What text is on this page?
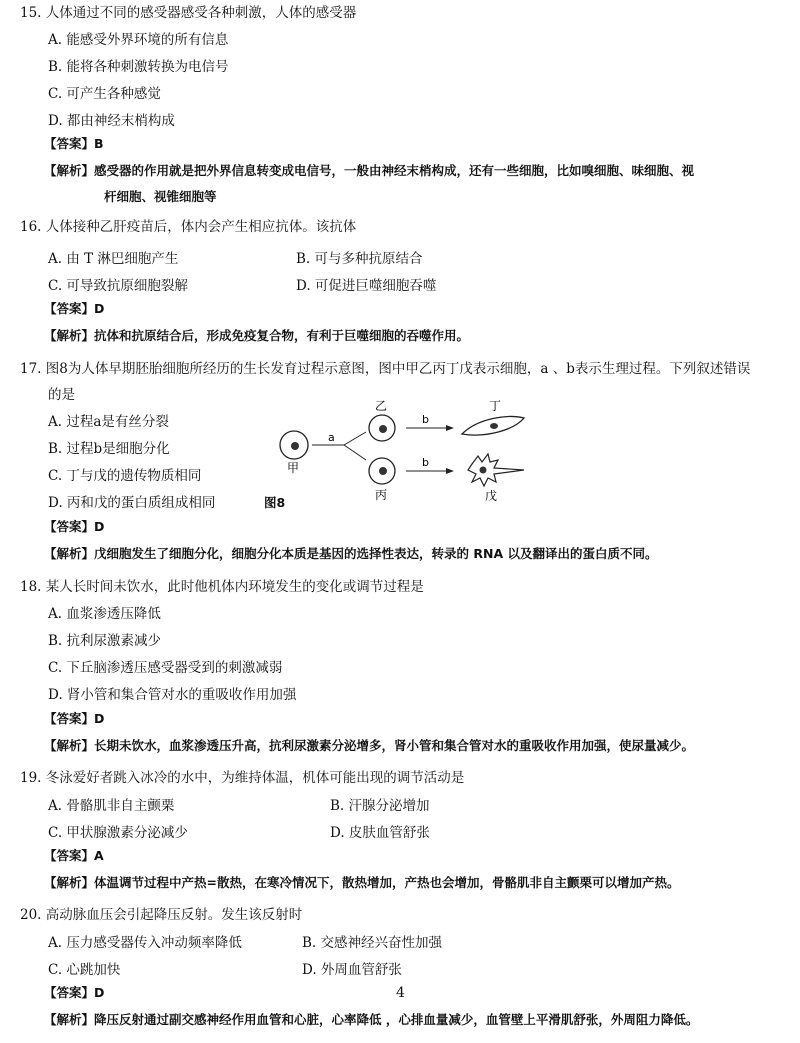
15. 人体通过不同的感受器感受各种刺激，人体的感受器
A. 能感受外界环境的所有信息
B. 能将各种刺激转换为电信号
C. 可产生各种感觉
D. 都由神经末梢构成
【答案】B
【解析】感受器的作用就是把外界信息转变成电信号，一般由神经末梢构成，还有一些细胞，比如嗅细胞、味细胞、视
杆细胞、视锥细胞等
16. 人体接种乙肝疫苗后，体内会产生相应抗体。该抗体
A. 由 T 淋巴细胞产生	B. 可与多种抗原结合
C. 可导致抗原细胞裂解	D. 可促进巨噬细胞吞噬
【答案】D
【解析】抗体和抗原结合后，形成免疫复合物，有利于巨噬细胞的吞噬作用。
17. 图8为人体早期胚胎细胞所经历的生长发育过程示意图，图中甲乙丙丁戊表示细胞，a 、b表示生理过程。下列叙述错误
的是
A. 过程a是有丝分裂
B. 过程b是细胞分化
C. 丁与戊的遗传物质相同
D. 丙和戊的蛋白质组成相同
甲
a
乙
丙
b
b
丁
戊
图8
【答案】D
【解析】戊细胞发生了细胞分化，细胞分化本质是基因的选择性表达，转录的 RNA 以及翻译出的蛋白质不同。
18. 某人长时间未饮水，此时他机体内环境发生的变化或调节过程是
A. 血浆渗透压降低
B. 抗利尿激素减少
C. 下丘脑渗透压感受器受到的刺激减弱
D. 肾小管和集合管对水的重吸收作用加强
【答案】D
【解析】长期未饮水，血浆渗透压升高，抗利尿激素分泌增多，肾小管和集合管对水的重吸收作用加强，使尿量减少。
19. 冬泳爱好者跳入冰冷的水中，为维持体温，机体可能出现的调节活动是
A. 骨骼肌非自主颤栗	B. 汗腺分泌增加
C. 甲状腺激素分泌减少	D. 皮肤血管舒张
【答案】A
【解析】体温调节过程中产热=散热，在寒冷情况下，散热增加，产热也会增加，骨骼肌非自主颤栗可以增加产热。
20. 高动脉血压会引起降压反射。发生该反射时
A. 压力感受器传入冲动频率降低	B. 交感神经兴奋性加强
C. 心跳加快	D. 外周血管舒张
【答案】D	4
【解析】降压反射通过副交感神经作用血管和心脏，心率降低 ，心排血量减少，血管壁上平滑肌舒张，外周阻力降低。
